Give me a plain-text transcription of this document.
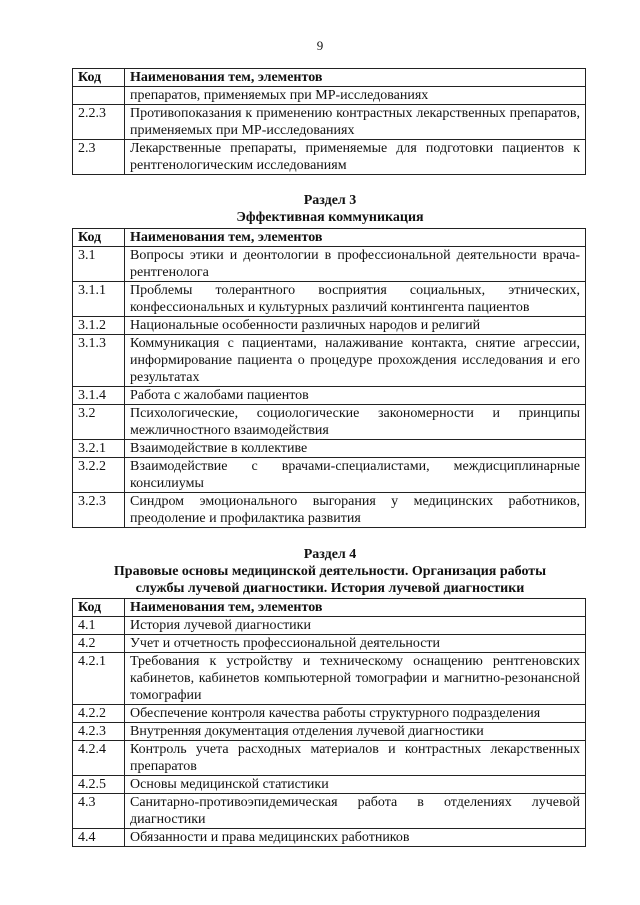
9
Код	Наименования тем, элементов
	препаратов, применяемых при МР-исследованиях
2.2.3	Противопоказания к применению контрастных лекарственных препаратов, применяемых при МР-исследованиях
2.3	Лекарственные препараты, применяемые для подготовки пациентов к рентгенологическим исследованиям
Раздел 3
Эффективная коммуникация
Код	Наименования тем, элементов
3.1	Вопросы этики и деонтологии в профессиональной деятельности врача-рентгенолога
3.1.1	Проблемы толерантного восприятия социальных, этнических, конфессиональных и культурных различий контингента пациентов
3.1.2	Национальные особенности различных народов и религий
3.1.3	Коммуникация с пациентами, налаживание контакта, снятие агрессии, информирование пациента о процедуре прохождения исследования и его результатах
3.1.4	Работа с жалобами пациентов
3.2	Психологические, социологические закономерности и принципы межличностного взаимодействия
3.2.1	Взаимодействие в коллективе
3.2.2	Взаимодействие с врачами-специалистами, междисциплинарные консилиумы
3.2.3	Синдром эмоционального выгорания у медицинских работников, преодоление и профилактика развития
Раздел 4
Правовые основы медицинской деятельности. Организация работы
службы лучевой диагностики. История лучевой диагностики
Код	Наименования тем, элементов
4.1	История лучевой диагностики
4.2	Учет и отчетность профессиональной деятельности
4.2.1	Требования к устройству и техническому оснащению рентгеновских кабинетов, кабинетов компьютерной томографии и магнитно-резонансной томографии
4.2.2	Обеспечение контроля качества работы структурного подразделения
4.2.3	Внутренняя документация отделения лучевой диагностики
4.2.4	Контроль учета расходных материалов и контрастных лекарственных препаратов
4.2.5	Основы медицинской статистики
4.3	Санитарно-противоэпидемическая работа в отделениях лучевой диагностики
4.4	Обязанности и права медицинских работников
